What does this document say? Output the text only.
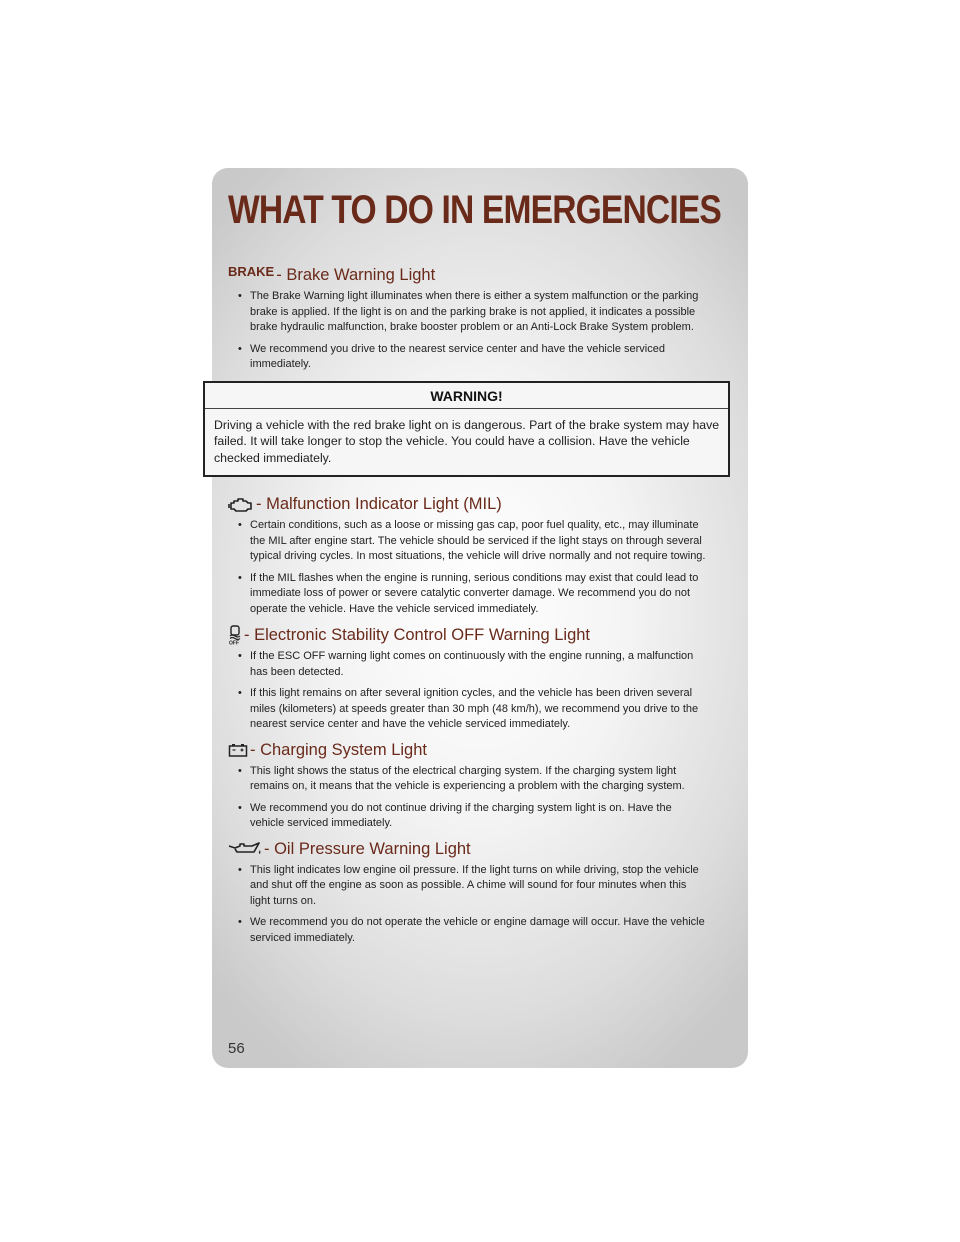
WHAT TO DO IN EMERGENCIES
BRAKE - Brake Warning Light
• The Brake Warning light illuminates when there is either a system malfunction or the parking brake is applied. If the light is on and the parking brake is not applied, it indicates a possible brake hydraulic malfunction, brake booster problem or an Anti-Lock Brake System problem.
• We recommend you drive to the nearest service center and have the vehicle serviced immediately.
WARNING!
Driving a vehicle with the red brake light on is dangerous. Part of the brake system may have failed. It will take longer to stop the vehicle. You could have a collision. Have the vehicle checked immediately.
- Malfunction Indicator Light (MIL)
• Certain conditions, such as a loose or missing gas cap, poor fuel quality, etc., may illuminate the MIL after engine start. The vehicle should be serviced if the light stays on through several typical driving cycles. In most situations, the vehicle will drive normally and not require towing.
• If the MIL flashes when the engine is running, serious conditions may exist that could lead to immediate loss of power or severe catalytic converter damage. We recommend you do not operate the vehicle. Have the vehicle serviced immediately.
OFF - Electronic Stability Control OFF Warning Light
• If the ESC OFF warning light comes on continuously with the engine running, a malfunction has been detected.
• If this light remains on after several ignition cycles, and the vehicle has been driven several miles (kilometers) at speeds greater than 30 mph (48 km/h), we recommend you drive to the nearest service center and have the vehicle serviced immediately.
- Charging System Light
• This light shows the status of the electrical charging system. If the charging system light remains on, it means that the vehicle is experiencing a problem with the charging system.
• We recommend you do not continue driving if the charging system light is on. Have the vehicle serviced immediately.
- Oil Pressure Warning Light
• This light indicates low engine oil pressure. If the light turns on while driving, stop the vehicle and shut off the engine as soon as possible. A chime will sound for four minutes when this light turns on.
• We recommend you do not operate the vehicle or engine damage will occur. Have the vehicle serviced immediately.
56
